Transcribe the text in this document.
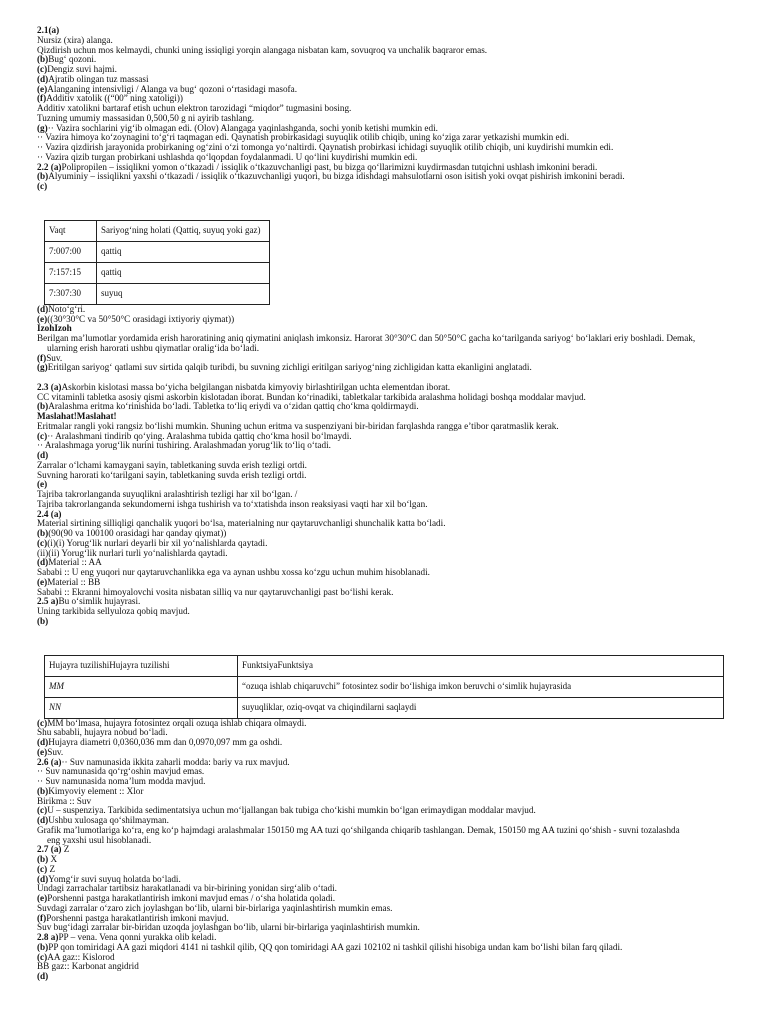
2.1(a)
Nursiz (xira) alanga.
Qizdirish uchun mos kelmaydi, chunki uning issiqligi yorqin alangaga nisbatan kam, sovuqroq va unchalik baqraror emas.
(b)Bug‘ qozoni.
(c)Dengiz suvi hajmi.
(d)Ajratib olingan tuz massasi
(e)Alanganing intensivligi / Alanga va bug‘ qozoni o‘rtasidagi masofa.
(f)Additiv xatolik ((“00” ning xatoligi))
Additiv xatolikni bartaraf etish uchun elektron tarozidagi “miqdor” tugmasini bosing.
Tuzning umumiy massasidan 0,500,50 g ni ayirib tashlang.
(g)·· Vazira sochlarini yig‘ib olmagan edi. (Olov) Alangaga yaqinlashganda, sochi yonib ketishi mumkin edi.
·· Vazira himoya ko‘zoynagini to‘g‘ri taqmagan edi. Qaynatish probirkasidagi suyuqlik otilib chiqib, uning ko‘ziga zarar yetkazishi mumkin edi.
·· Vazira qizdirish jarayonida probirkaning og‘zini o‘zi tomonga yo‘naltirdi. Qaynatish probirkasi ichidagi suyuqlik otilib chiqib, uni kuydirishi mumkin edi.
·· Vazira qizib turgan probirkani ushlashda qo‘lqopdan foydalanmadi. U qo‘lini kuydirishi mumkin edi.
2.2 (a)Polipropilen – issiqlikni yomon o‘tkazadi / issiqlik o‘tkazuvchanligi past, bu bizga qo‘llarimizni kuydirmasdan tutqichni ushlash imkonini beradi.
(b)Alyuminiy – issiqlikni yaxshi o‘tkazadi / issiqlik o‘tkazuvchanligi yuqori, bu bizga idishdagi mahsulotlarni oson isitish yoki ovqat pishirish imkonini beradi.
(c)
Vaqt	Sariyog‘ning holati (Qattiq, suyuq yoki gaz)
7:007:00	qattiq
7:157:15	qattiq
7:307:30	suyuq
(d)Noto‘g‘ri.
(e)((30°30°C va 50°50°C orasidagi ixtiyoriy qiymat))
IzohIzoh
Berilgan ma’lumotlar yordamida erish haroratining aniq qiymatini aniqlash imkonsiz. Harorat 30°30°C dan 50°50°C gacha ko‘tarilganda sariyog‘ bo‘laklari eriy boshladi. Demak,
ularning erish harorati ushbu qiymatlar oralig‘ida bo‘ladi.
(f)Suv.
(g)Eritilgan sariyog‘ qatlami suv sirtida qalqib turibdi, bu suvning zichligi eritilgan sariyog‘ning zichligidan katta ekanligini anglatadi.
2.3 (a)Askorbin kislotasi massa bo‘yicha belgilangan nisbatda kimyoviy birlashtirilgan uchta elementdan iborat.
CC vitaminli tabletka asosiy qismi askorbin kislotadan iborat. Bundan ko‘rinadiki, tabletkalar tarkibida aralashma holidagi boshqa moddalar mavjud.
(b)Aralashma eritma ko‘rinishida bo‘ladi. Tabletka to‘liq eriydi va o‘zidan qattiq cho‘kma qoldirmaydi.
Maslahat!Maslahat!
Eritmalar rangli yoki rangsiz bo‘lishi mumkin. Shuning uchun eritma va suspenziyani bir-biridan farqlashda rangga e’tibor qaratmaslik kerak.
(c)·· Aralashmani tindirib qo‘ying. Aralashma tubida qattiq cho‘kma hosil bo‘lmaydi.
·· Aralashmaga yorug‘lik nurini tushiring. Aralashmadan yorug‘lik to‘liq o‘tadi.
(d)
Zarralar o‘lchami kamaygani sayin, tabletkaning suvda erish tezligi ortdi.
Suvning harorati ko‘tarilgani sayin, tabletkaning suvda erish tezligi ortdi.
(e)
Tajriba takrorlanganda suyuqlikni aralashtirish tezligi har xil bo‘lgan. /
Tajriba takrorlanganda sekundomerni ishga tushirish va to‘xtatishda inson reaksiyasi vaqti har xil bo‘lgan.
2.4 (a)
Material sirtining silliqligi qanchalik yuqori bo‘lsa, materialning nur qaytaruvchanligi shunchalik katta bo‘ladi.
(b)(90(90 va 100100 orasidagi har qanday qiymat))
(c)(i)(i) Yorug‘lik nurlari deyarli bir xil yo‘nalishlarda qaytadi.
(ii)(ii) Yorug‘lik nurlari turli yo‘nalishlarda qaytadi.
(d)Material :: AA
Sababi :: U eng yuqori nur qaytaruvchanlikka ega va aynan ushbu xossa ko‘zgu uchun muhim hisoblanadi.
(e)Material :: BB
Sababi :: Ekranni himoyalovchi vosita nisbatan silliq va nur qaytaruvchanligi past bo‘lishi kerak.
2.5 a)Bu o‘simlik hujayrasi.
Uning tarkibida sellyuloza qobiq mavjud.
(b)
Hujayra tuzilishiHujayra tuzilishi	FunktsiyaFunktsiya
MM	“ozuqa ishlab chiqaruvchi” fotosintez sodir bo‘lishiga imkon beruvchi o‘simlik hujayrasida
NN	suyuqliklar, oziq-ovqat va chiqindilarni saqlaydi
(c)MM bo‘lmasa, hujayra fotosintez orqali ozuqa ishlab chiqara olmaydi.
Shu sababli, hujayra nobud bo‘ladi.
(d)Hujayra diametri 0,0360,036 mm dan 0,0970,097 mm ga oshdi.
(e)Suv.
2.6 (a)·· Suv namunasida ikkita zaharli modda: bariy va rux mavjud.
·· Suv namunasida qo‘rg‘oshin mavjud emas.
·· Suv namunasida noma’lum modda mavjud.
(b)Kimyoviy element :: Xlor
Birikma :: Suv
(c)U – suspenziya. Tarkibida sedimentatsiya uchun mo‘ljallangan bak tubiga cho‘kishi mumkin bo‘lgan erimaydigan moddalar mavjud.
(d)Ushbu xulosaga qo‘shilmayman.
Grafik ma’lumotlariga ko‘ra, eng ko‘p hajmdagi aralashmalar 150150 mg AA tuzi qo‘shilganda chiqarib tashlangan. Demak, 150150 mg AA tuzini qo‘shish - suvni tozalashda
eng yaxshi usul hisoblanadi.
2.7 (a) Z
(b) X
(c) Z
(d)Yomg‘ir suvi suyuq holatda bo‘ladi.
Undagi zarrachalar tartibsiz harakatlanadi va bir-birining yonidan sirg‘alib o‘tadi.
(e)Porshenni pastga harakatlantirish imkoni mavjud emas / o‘sha holatida qoladi.
Suvdagi zarralar o‘zaro zich joylashgan bo‘lib, ularni bir-birlariga yaqinlashtirish mumkin emas.
(f)Porshenni pastga harakatlantirish imkoni mavjud.
Suv bug‘idagi zarralar bir-biridan uzoqda joylashgan bo‘lib, ularni bir-birlariga yaqinlashtirish mumkin.
2.8 a)PP – vena. Vena qonni yurakka olib keladi.
(b)PP qon tomiridagi AA gazi miqdori 4141 ni tashkil qilib, QQ qon tomiridagi AA gazi 102102 ni tashkil qilishi hisobiga undan kam bo‘lishi bilan farq qiladi.
(c)AA gaz:: Kislorod
BB gaz:: Karbonat angidrid
(d)
